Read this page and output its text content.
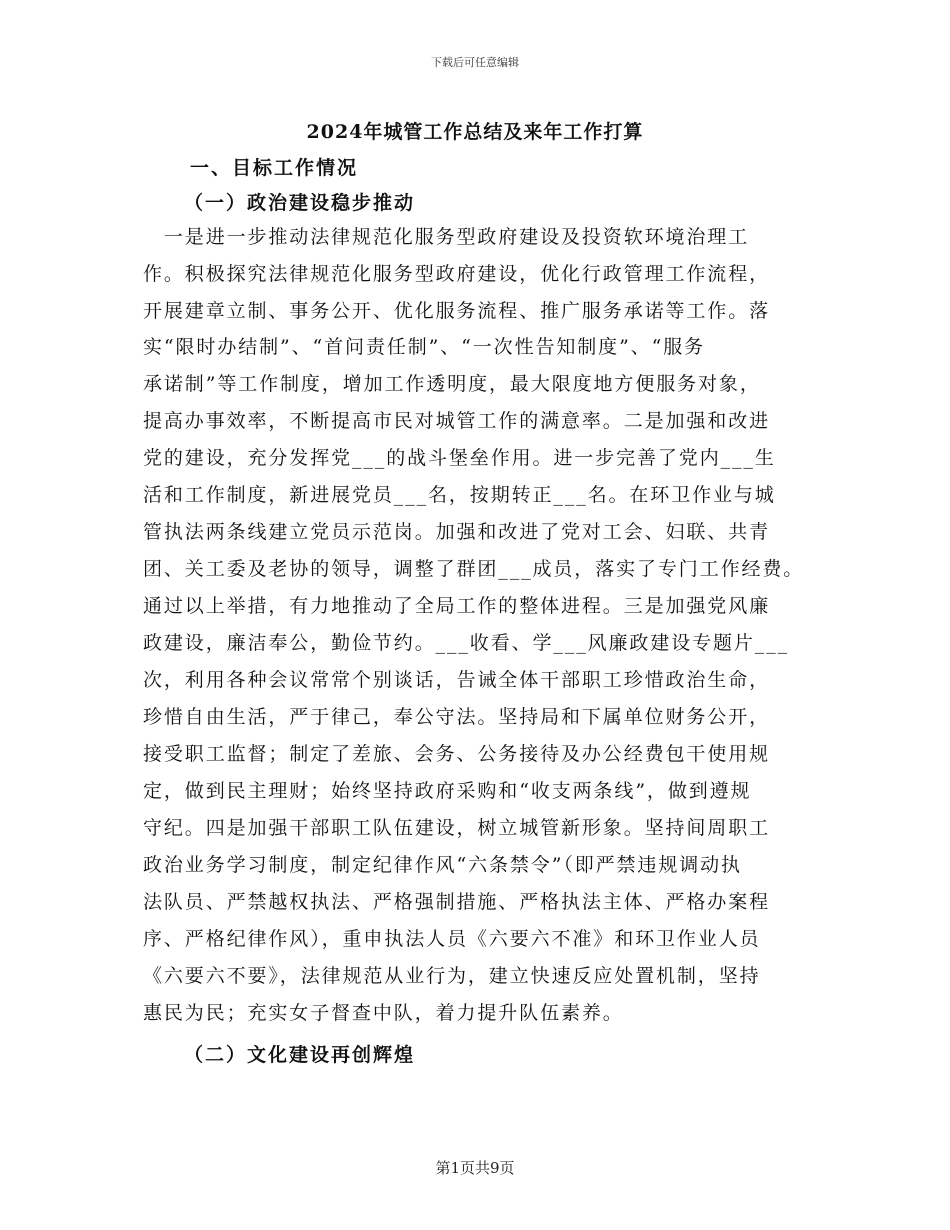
下载后可任意编辑
2024年城管工作总结及来年工作打算
一、目标工作情况
（一）政治建设稳步推动
　一是进一步推动法律规范化服务型政府建设及投资软环境治理工
作。积极探究法律规范化服务型政府建设，优化行政管理工作流程，
开展建章立制、事务公开、优化服务流程、推广服务承诺等工作。落
实“限时办结制”、“首问责任制”、“一次性告知制度”、“服务
承诺制”等工作制度，增加工作透明度，最大限度地方便服务对象，
提高办事效率，不断提高市民对城管工作的满意率。二是加强和改进
党的建设，充分发挥党___的战斗堡垒作用。进一步完善了党内___生
活和工作制度，新进展党员___名，按期转正___名。在环卫作业与城
管执法两条线建立党员示范岗。加强和改进了党对工会、妇联、共青
团、关工委及老协的领导，调整了群团___成员，落实了专门工作经费。
通过以上举措，有力地推动了全局工作的整体进程。三是加强党风廉
政建设，廉洁奉公，勤俭节约。___收看、学___风廉政建设专题片___
次，利用各种会议常常个别谈话，告诫全体干部职工珍惜政治生命，
珍惜自由生活，严于律己，奉公守法。坚持局和下属单位财务公开，
接受职工监督；制定了差旅、会务、公务接待及办公经费包干使用规
定，做到民主理财；始终坚持政府采购和“收支两条线”，做到遵规
守纪。四是加强干部职工队伍建设，树立城管新形象。坚持间周职工
政治业务学习制度，制定纪律作风“六条禁令”（即严禁违规调动执
法队员、严禁越权执法、严格强制措施、严格执法主体、严格办案程
序、严格纪律作风），重申执法人员《六要六不准》和环卫作业人员
《六要六不要》，法律规范从业行为，建立快速反应处置机制，坚持
惠民为民；充实女子督查中队，着力提升队伍素养。
（二）文化建设再创辉煌
第1页共9页
